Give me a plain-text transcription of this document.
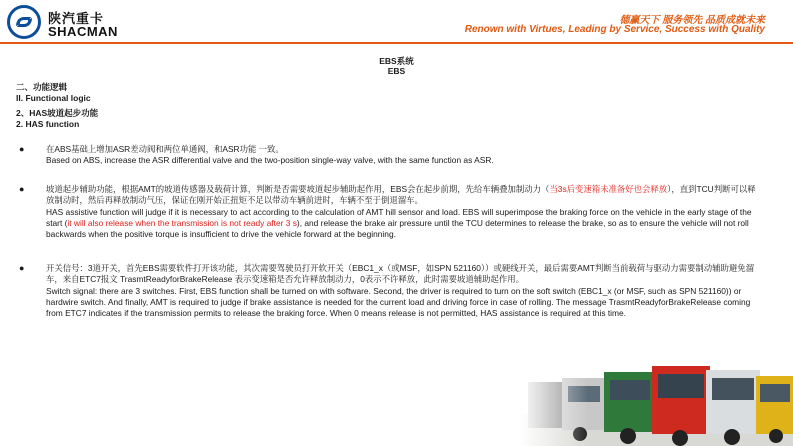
陕汽重卡
SHACMAN
德赢天下 服务领先 品质成就未来
Renown with Virtues, Leading by Service, Success with Quality
EBS系统
EBS
二、功能逻辑
II. Functional logic
2、HAS坡道起步功能
2. HAS function
●	在ABS基础上增加ASR差动阀和两位单通阀，和ASR功能 一致。
Based on ABS, increase the ASR differential valve and the two-position single-way valve, with the same function as ASR.
●	坡道起步辅助功能，根据AMT的坡道传感器及载荷计算，判断是否需要坡道起步辅助起作用，EBS会在起步前期，先给车辆叠加制动力（当3s后变速箱未准备好也会释放），直到TCU判断可以释放制动时，然后再释放制动气压，保证在刚开始正扭矩不足以带动车辆前进时，车辆不至于倒退溜车。
HAS assistive function will judge if it is necessary to act according to the calculation of AMT hill sensor and load. EBS will superimpose the braking force on the vehicle in the early stage of the start (it will also release when the transmission is not ready after 3 s), and release the brake air pressure until the TCU determines to release the brake, so as to ensure the vehicle will not roll backwards when the positive torque is insufficient to drive the vehicle forward at the beginning.
●	开关信号：3道开关，首先EBS需要软件打开该功能，其次需要驾驶员打开软开关（EBC1_x（或MSF，如SPN 521160））或硬线开关，最后需要AMT判断当前载荷与驱动力需要制动辅助避免溜车，来自ETC7报文 TrasmtReadyforBrakeRelease 表示变速箱是否允许释放制动力，0表示不许释放，此时需要坡道辅助起作用。
Switch signal: there are 3 switches. First, EBS function shall be turned on with software. Second, the driver is required to turn on the soft switch (EBC1_x (or MSF, such as SPN 521160)) or hardwire switch. And finally, AMT is required to judge if brake assistance is needed for the current load and driving force in case of rolling. The message TrasmtReadyforBrakeRelease coming from ETC7 indicates if the transmission permits to release the braking force. When 0 means release is not permitted, HAS assistance is required at this time.
